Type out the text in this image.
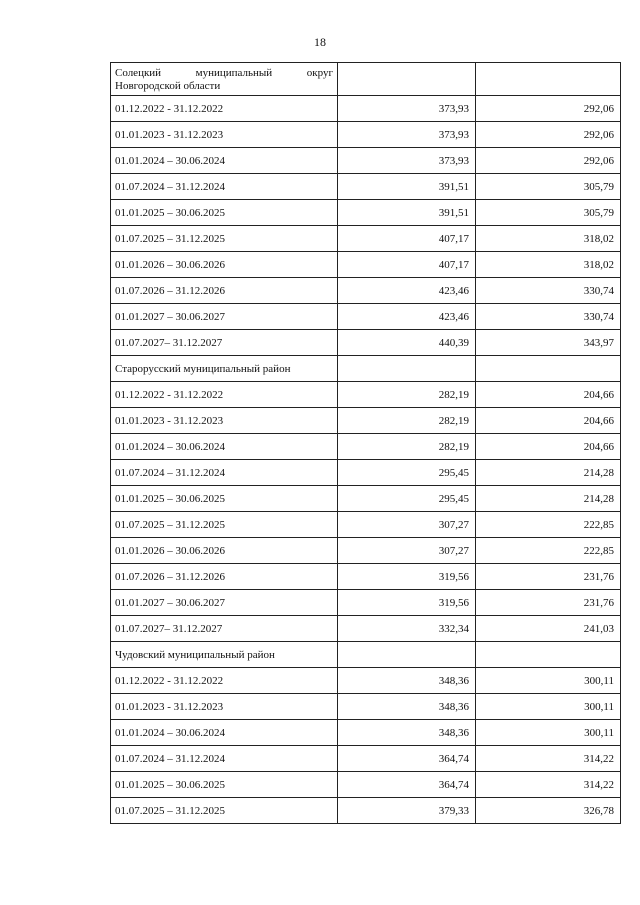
18
Солецкий муниципальный округ Новгородской области		
01.12.2022 - 31.12.2022	373,93	292,06
01.01.2023 - 31.12.2023	373,93	292,06
01.01.2024 – 30.06.2024	373,93	292,06
01.07.2024 – 31.12.2024	391,51	305,79
01.01.2025 – 30.06.2025	391,51	305,79
01.07.2025 – 31.12.2025	407,17	318,02
01.01.2026 – 30.06.2026	407,17	318,02
01.07.2026 – 31.12.2026	423,46	330,74
01.01.2027 – 30.06.2027	423,46	330,74
01.07.2027– 31.12.2027	440,39	343,97
Старорусский муниципальный район		
01.12.2022 - 31.12.2022	282,19	204,66
01.01.2023 - 31.12.2023	282,19	204,66
01.01.2024 – 30.06.2024	282,19	204,66
01.07.2024 – 31.12.2024	295,45	214,28
01.01.2025 – 30.06.2025	295,45	214,28
01.07.2025 – 31.12.2025	307,27	222,85
01.01.2026 – 30.06.2026	307,27	222,85
01.07.2026 – 31.12.2026	319,56	231,76
01.01.2027 – 30.06.2027	319,56	231,76
01.07.2027– 31.12.2027	332,34	241,03
Чудовский муниципальный район		
01.12.2022 - 31.12.2022	348,36	300,11
01.01.2023 - 31.12.2023	348,36	300,11
01.01.2024 – 30.06.2024	348,36	300,11
01.07.2024 – 31.12.2024	364,74	314,22
01.01.2025 – 30.06.2025	364,74	314,22
01.07.2025 – 31.12.2025	379,33	326,78
